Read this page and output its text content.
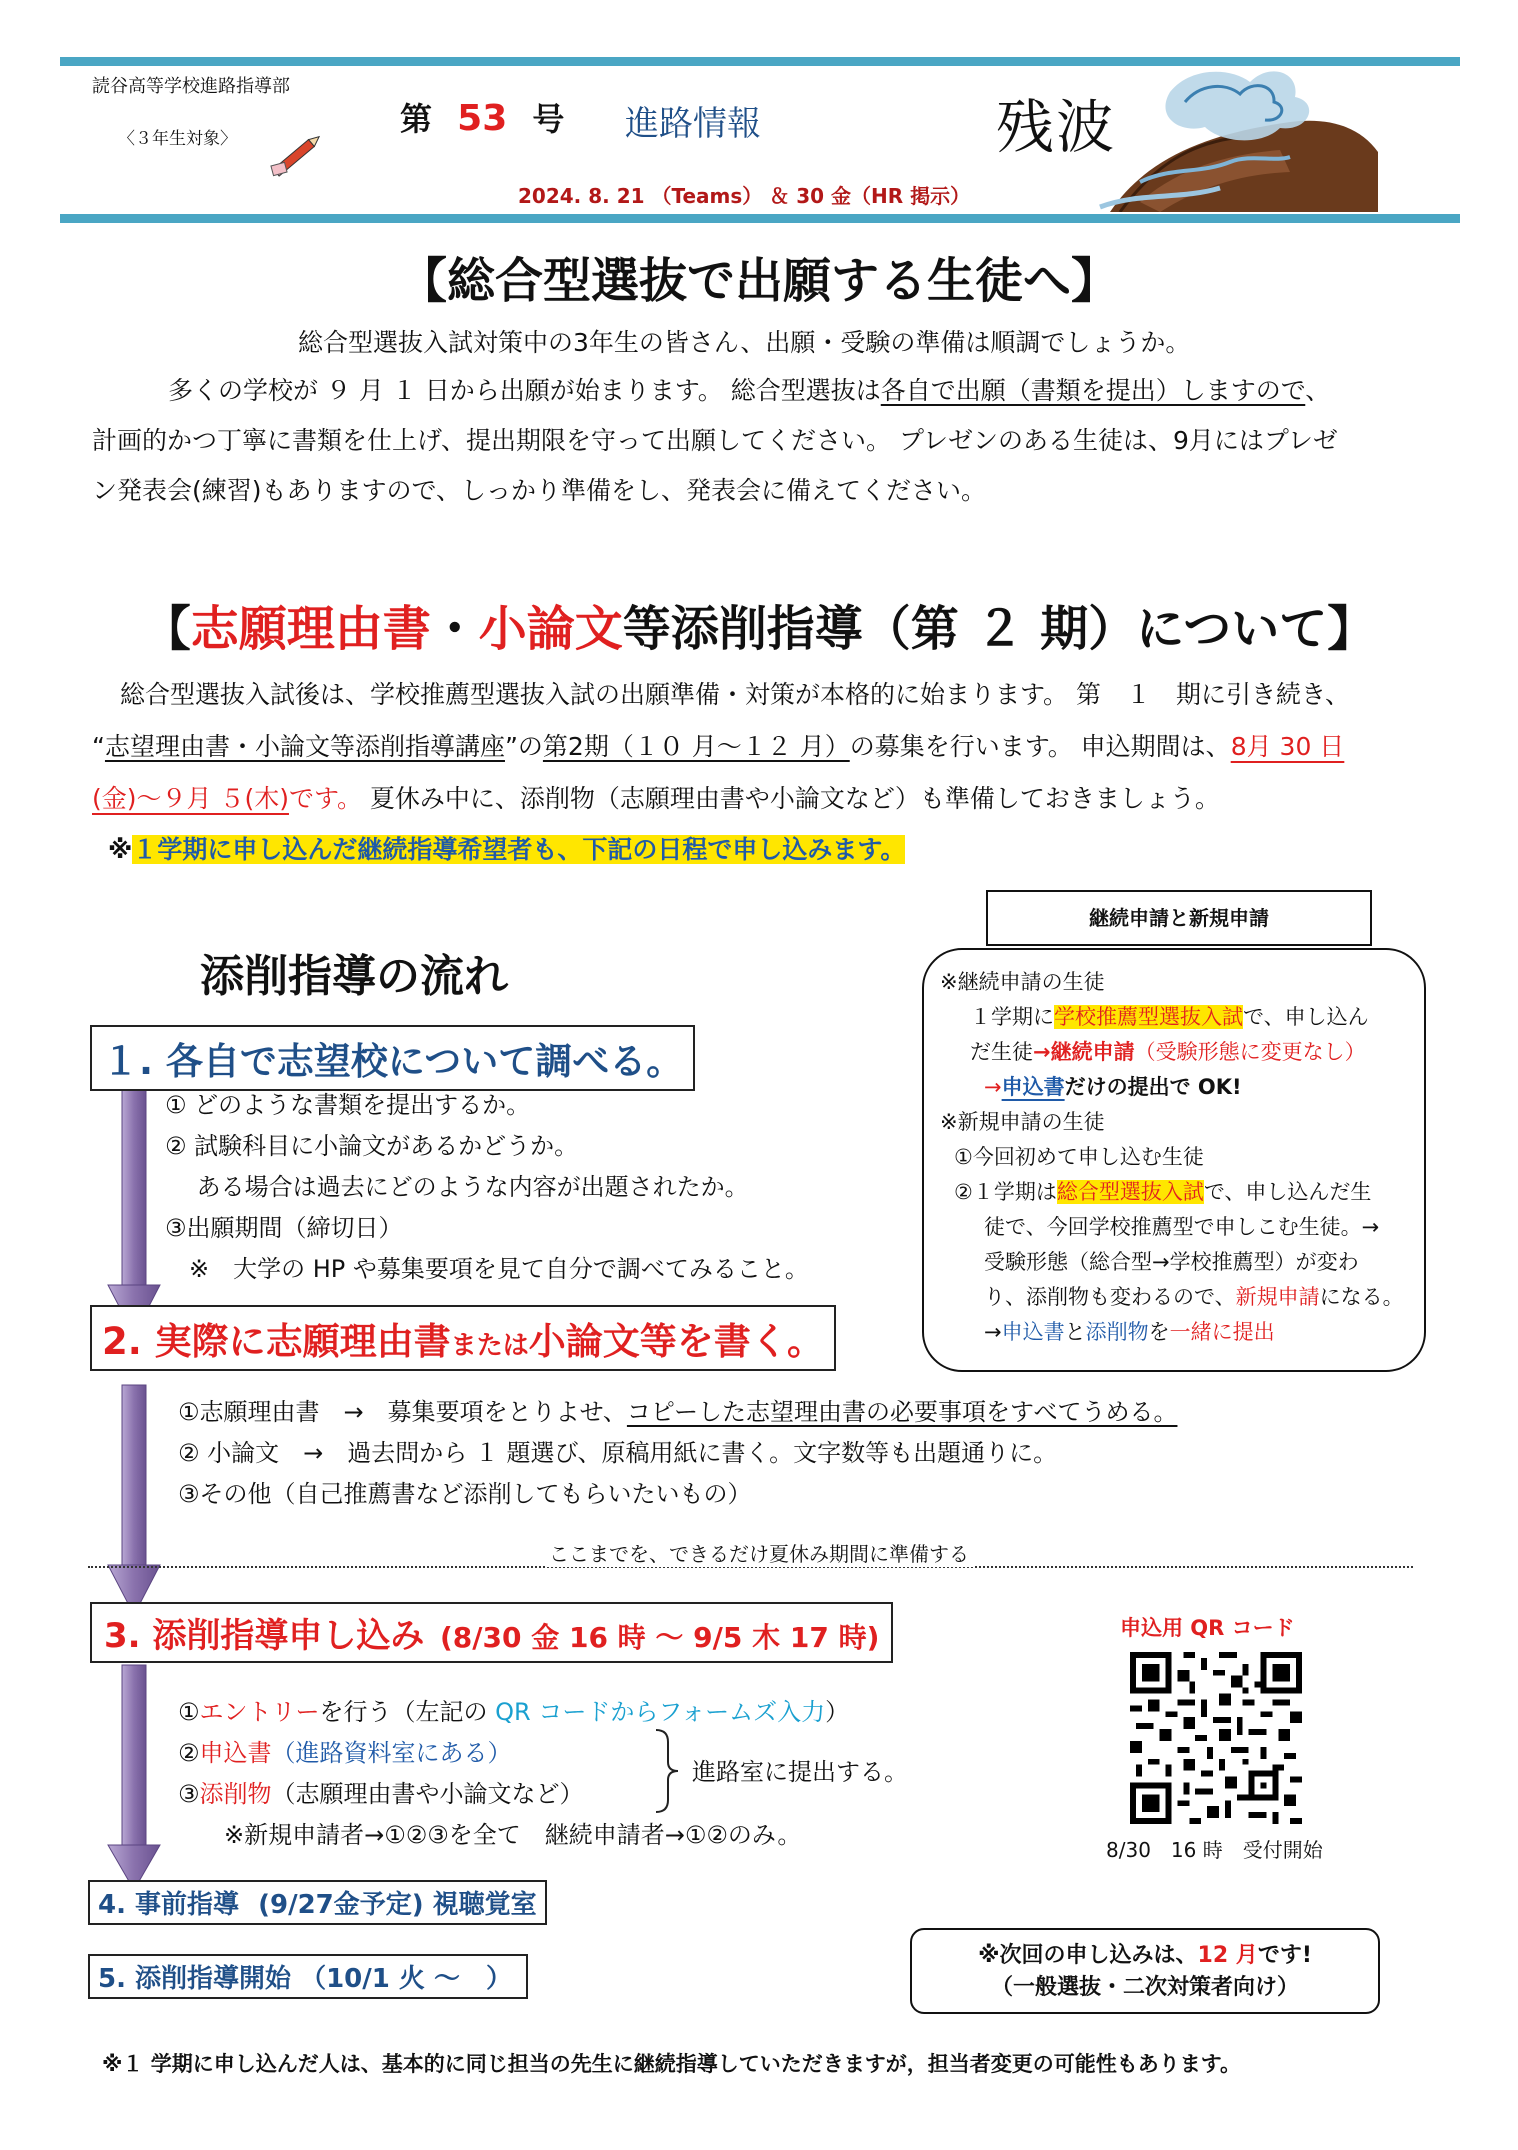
読谷高等学校進路指導部
〈３年生対象〉
第 53 号 進路情報
2024. 8. 21 （Teams） ＆ 30 金（HR 掲示）
残波
【総合型選抜で出願する生徒へ】
総合型選抜入試対策中の3年生の皆さん、出願・受験の準備は順調でしょうか。
多くの学校が ９ 月 １ 日から出願が始まります。 総合型選抜は各自で出願（書類を提出）しますので、
計画的かつ丁寧に書類を仕上げ、提出期限を守って出願してください。 プレゼンのある生徒は、9月にはプレゼ
ン発表会(練習)もありますので、しっかり準備をし、発表会に備えてください。
【志願理由書・小論文等添削指導（第 ２ 期）について】
総合型選抜入試後は、学校推薦型選抜入試の出願準備・対策が本格的に始まります。 第　１　期に引き続き、
“志望理由書・小論文等添削指導講座”の第2期（１０ 月～１２ 月）の募集を行います。 申込期間は、8月 30 日
(金)～９月 ５(木)です。 夏休み中に、添削物（志願理由書や小論文など）も準備しておきましょう。
※１学期に申し込んだ継続指導希望者も、下記の日程で申し込みます。
継続申請と新規申請
※継続申請の生徒
１学期に学校推薦型選抜入試で、申し込ん
だ生徒→継続申請（受験形態に変更なし）
→申込書だけの提出で OK!
※新規申請の生徒
①今回初めて申し込む生徒
②１学期は総合型選抜入試で、申し込んだ生
徒で、今回学校推薦型で申しこむ生徒。→
受験形態（総合型→学校推薦型）が変わ
り、添削物も変わるので、新規申請になる。
→申込書と添削物を一緒に提出
添削指導の流れ
１. 各自で志望校について調べる。
① どのような書類を提出するか。
② 試験科目に小論文があるかどうか。
　 ある場合は過去にどのような内容が出題されたか。
③出願期間（締切日）
　※　大学の HP や募集要項を見て自分で調べてみること。
2. 実際に志願理由書または小論文等を書く。
①志願理由書　→　募集要項をとりよせ、コピーした志望理由書の必要事項をすべてうめる。
② 小論文　→　過去問から １ 題選び、原稿用紙に書く。文字数等も出題通りに。
③その他（自己推薦書など添削してもらいたいもの）
ここまでを、できるだけ夏休み期間に準備する
3. 添削指導申し込み (8/30 金 16 時 ～ 9/5 木 17 時)
①エントリーを行う（左記の QR コードからフォームズ入力）
②申込書（進路資料室にある）
③添削物（志願理由書や小論文など）
※新規申請者→①②③を全て　継続申請者→①②のみ。
進路室に提出する。
4. 事前指導 (9/27金予定) 視聴覚室
5. 添削指導開始 （10/1 火 ～　）
申込用 QR コード
8/30　16 時　受付開始
※次回の申し込みは、12 月です!
（一般選抜・二次対策者向け）
※１ 学期に申し込んだ人は、基本的に同じ担当の先生に継続指導していただきますが，担当者変更の可能性もあります。
